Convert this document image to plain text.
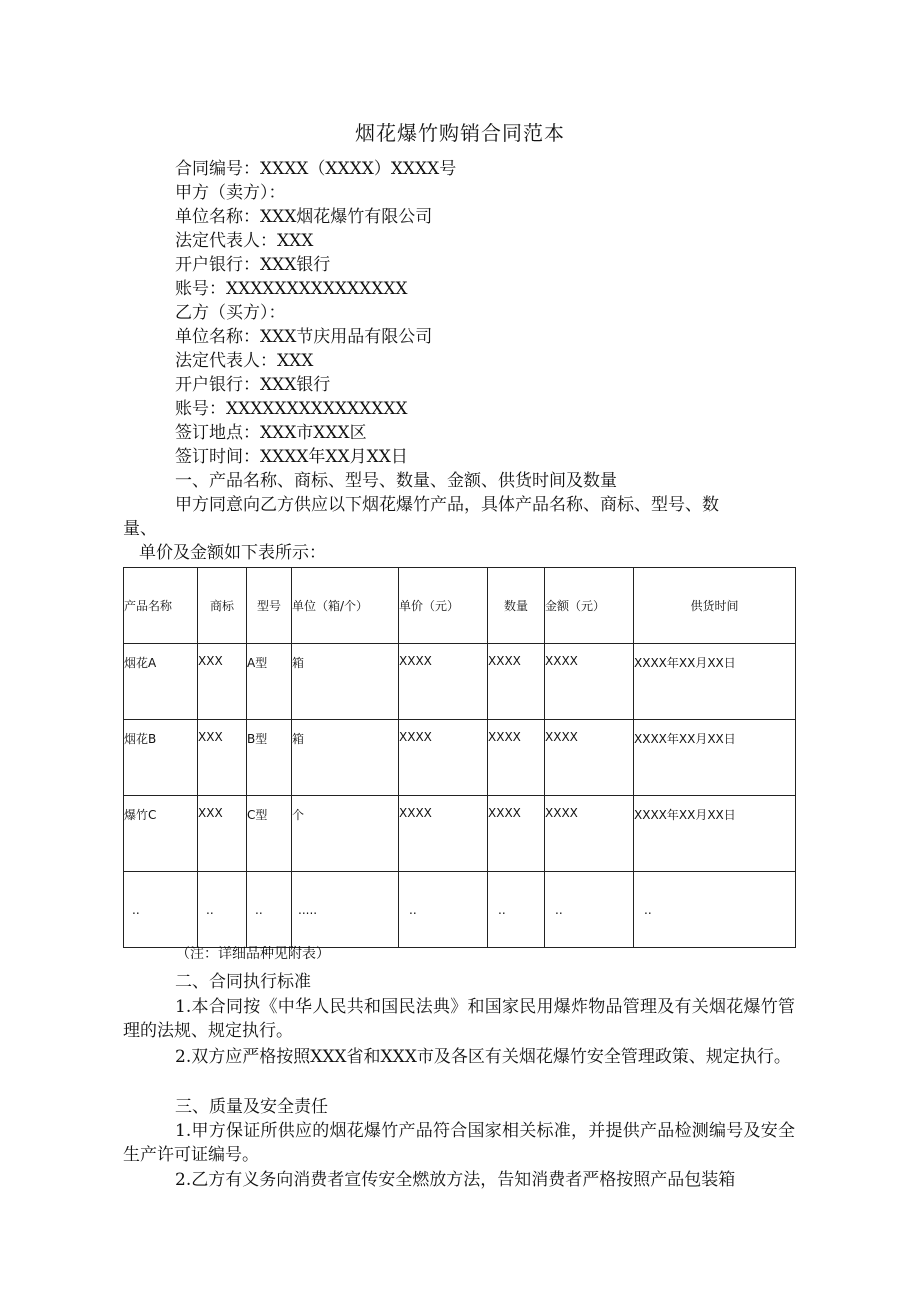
烟花爆竹购销合同范本
合同编号：XXXX（XXXX）XXXX号
甲方（卖方）：
单位名称：XXX烟花爆竹有限公司
法定代表人：XXX
开户银行：XXX银行
账号：XXXXXXXXXXXXXXX
乙方（买方）：
单位名称：XXX节庆用品有限公司
法定代表人：XXX
开户银行：XXX银行
账号：XXXXXXXXXXXXXXX
签订地点：XXX市XXX区
签订时间：XXXX年XX月XX日
一、产品名称、商标、型号、数量、金额、供货时间及数量
甲方同意向乙方供应以下烟花爆竹产品，具体产品名称、商标、型号、数
量、
单价及金额如下表所示：
产品名称	商标	型号	单位（箱/个）	单价（元）	数量	金额（元）	供货时间
烟花A	XXX	A型	箱	XXXX	XXXX	XXXX	XXXX年XX月XX日
烟花B	XXX	B型	箱	XXXX	XXXX	XXXX	XXXX年XX月XX日
爆竹C	XXX	C型	个	XXXX	XXXX	XXXX	XXXX年XX月XX日
..	..	..	.....	..	..	..	..
（注：详细品种见附表）
二、合同执行标准
1.本合同按《中华人民共和国民法典》和国家民用爆炸物品管理及有关烟花爆竹管理的法规、规定执行。
2.双方应严格按照XXX省和XXX市及各区有关烟花爆竹安全管理政策、规定执行。
三、质量及安全责任
1.甲方保证所供应的烟花爆竹产品符合国家相关标准，并提供产品检测编号及安全生产许可证编号。
2.乙方有义务向消费者宣传安全燃放方法，告知消费者严格按照产品包装箱
